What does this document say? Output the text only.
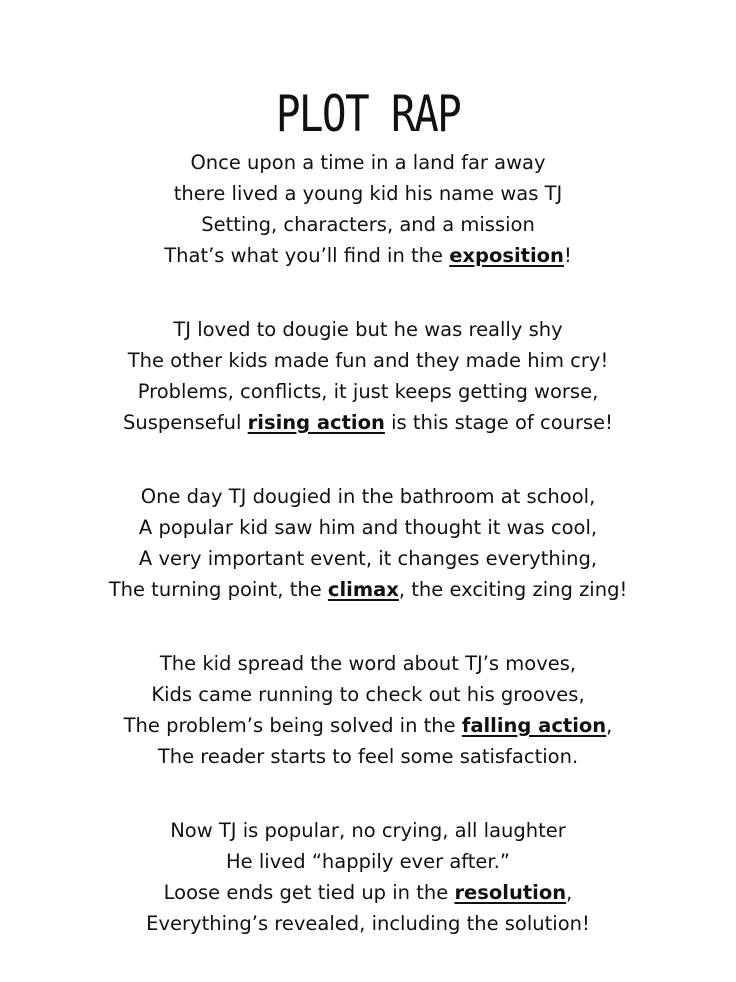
PLOT RAP
Once upon a time in a land far away
there lived a young kid his name was TJ
Setting, characters, and a mission
That’s what you’ll find in the exposition!
TJ loved to dougie but he was really shy
The other kids made fun and they made him cry!
Problems, conflicts, it just keeps getting worse,
Suspenseful rising action is this stage of course!
One day TJ dougied in the bathroom at school,
A popular kid saw him and thought it was cool,
A very important event, it changes everything,
The turning point, the climax, the exciting zing zing!
The kid spread the word about TJ’s moves,
Kids came running to check out his grooves,
The problem’s being solved in the falling action,
The reader starts to feel some satisfaction.
Now TJ is popular, no crying, all laughter
He lived “happily ever after.”
Loose ends get tied up in the resolution,
Everything’s revealed, including the solution!
